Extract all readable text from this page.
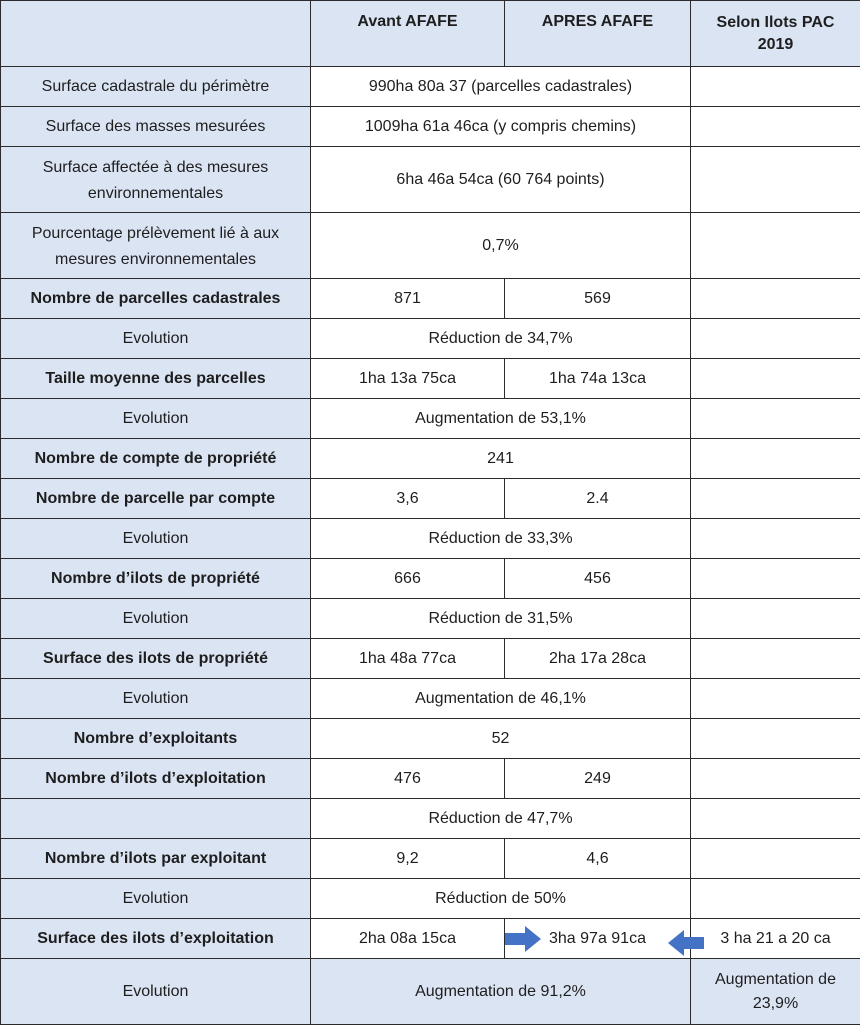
	Avant AFAFE	APRES AFAFE	Selon Ilots PAC
2019

Surface cadastrale du périmètre	990ha 80a 37 (parcelles cadastrales)		
Surface des masses mesurées	1009ha 61a 46ca (y compris chemins)		

Surface affectée à des mesures
environnementales	6ha 46a 54ca (60 764 points)		

Pourcentage prélèvement lié à aux
mesures environnementales	0,7%		
Nombre de parcelles cadastrales	871	569	
Evolution	Réduction de 34,7%		
Taille moyenne des parcelles	1ha 13a 75ca	1ha 74a 13ca	
Evolution	Augmentation de 53,1%		
Nombre de compte de propriété	241		
Nombre de parcelle par compte	3,6	2.4	
Evolution	Réduction de 33,3%		
Nombre d’ilots de propriété	666	456	
Evolution	Réduction de 31,5%		
Surface des ilots de propriété	1ha 48a 77ca	2ha 17a 28ca	
Evolution	Augmentation de 46,1%		
Nombre d’exploitants	52		
Nombre d’ilots d’exploitation	476	249	
	Réduction de 47,7%		
Nombre d’ilots par exploitant	9,2	4,6	
Evolution	Réduction de 50%		
Surface des ilots d’exploitation	2ha 08a 15ca	3ha 97a 91ca	3 ha 21 a 20 ca
Evolution	Augmentation de 91,2%		Augmentation de
23,9%
